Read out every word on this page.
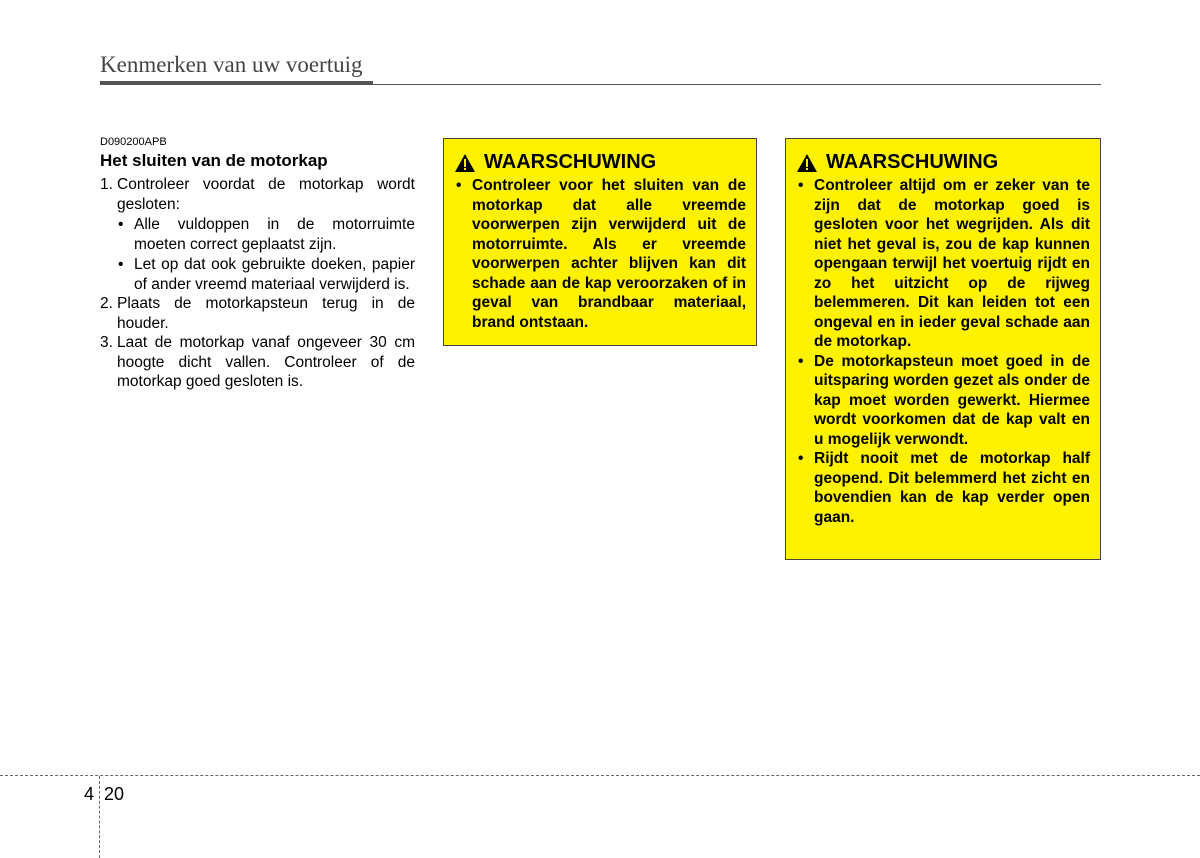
Kenmerken van uw voertuig
D090200APB
Het sluiten van de motorkap
1. Controleer voordat de motorkap wordt gesloten:
• Alle vuldoppen in de motorruimte moeten correct geplaatst zijn.
• Let op dat ook gebruikte doeken, papier of ander vreemd materiaal verwijderd is.
2. Plaats de motorkapsteun terug in de houder.
3. Laat de motorkap vanaf ongeveer 30 cm hoogte dicht vallen. Controleer of de motorkap goed gesloten is.
WAARSCHUWING
• Controleer voor het sluiten van de motorkap dat alle vreemde voorwerpen zijn verwijderd uit de motorruimte. Als er vreemde voorwerpen achter blijven kan dit schade aan de kap veroorzaken of in geval van brandbaar materiaal, brand ontstaan.
WAARSCHUWING
• Controleer altijd om er zeker van te zijn dat de motorkap goed is gesloten voor het wegrijden. Als dit niet het geval is, zou de kap kunnen opengaan terwijl het voertuig rijdt en zo het uitzicht op de rijweg belemmeren. Dit kan leiden tot een ongeval en in ieder geval schade aan de motorkap.
• De motorkapsteun moet goed in de uitsparing worden gezet als onder de kap moet worden gewerkt. Hiermee wordt voorkomen dat de kap valt en u mogelijk verwondt.
• Rijdt nooit met de motorkap half geopend. Dit belemmerd het zicht en bovendien kan de kap verder open gaan.
4 20
